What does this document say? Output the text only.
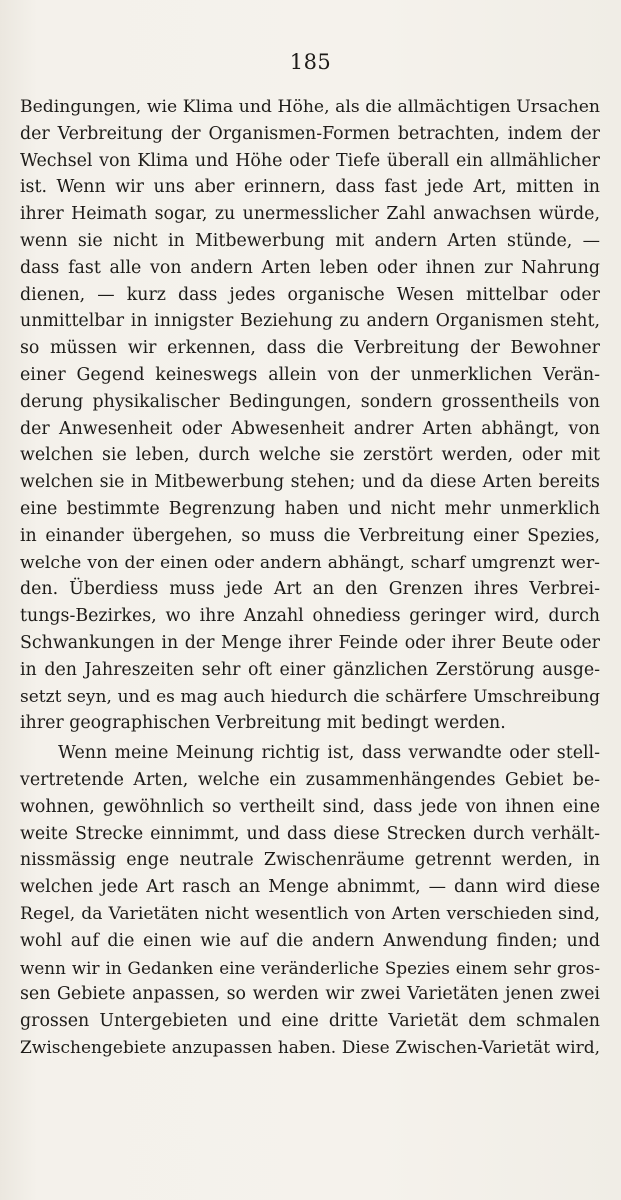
185
Bedingungen, wie Klima und Höhe, als die allmächtigen Ursachen
der Verbreitung der Organismen-Formen betrachten, indem der
Wechsel von Klima und Höhe oder Tiefe überall ein allmählicher
ist. Wenn wir uns aber erinnern, dass fast jede Art, mitten in
ihrer Heimath sogar, zu unermesslicher Zahl anwachsen würde,
wenn sie nicht in Mitbewerbung mit andern Arten stünde, —
dass fast alle von andern Arten leben oder ihnen zur Nahrung
dienen, — kurz dass jedes organische Wesen mittelbar oder
unmittelbar in innigster Beziehung zu andern Organismen steht,
so müssen wir erkennen, dass die Verbreitung der Bewohner
einer Gegend keineswegs allein von der unmerklichen Verän-
derung physikalischer Bedingungen, sondern grossentheils von
der Anwesenheit oder Abwesenheit andrer Arten abhängt, von
welchen sie leben, durch welche sie zerstört werden, oder mit
welchen sie in Mitbewerbung stehen; und da diese Arten bereits
eine bestimmte Begrenzung haben und nicht mehr unmerklich
in einander übergehen, so muss die Verbreitung einer Spezies,
welche von der einen oder andern abhängt, scharf umgrenzt wer-
den. Überdiess muss jede Art an den Grenzen ihres Verbrei-
tungs-Bezirkes, wo ihre Anzahl ohnediess geringer wird, durch
Schwankungen in der Menge ihrer Feinde oder ihrer Beute oder
in den Jahreszeiten sehr oft einer gänzlichen Zerstörung ausge-
setzt seyn, und es mag auch hiedurch die schärfere Umschreibung
ihrer geographischen Verbreitung mit bedingt werden.
Wenn meine Meinung richtig ist, dass verwandte oder stell-
vertretende Arten, welche ein zusammenhängendes Gebiet be-
wohnen, gewöhnlich so vertheilt sind, dass jede von ihnen eine
weite Strecke einnimmt, und dass diese Strecken durch verhält-
nissmässig enge neutrale Zwischenräume getrennt werden, in
welchen jede Art rasch an Menge abnimmt, — dann wird diese
Regel, da Varietäten nicht wesentlich von Arten verschieden sind,
wohl auf die einen wie auf die andern Anwendung finden; und
wenn wir in Gedanken eine veränderliche Spezies einem sehr gros-
sen Gebiete anpassen, so werden wir zwei Varietäten jenen zwei
grossen Untergebieten und eine dritte Varietät dem schmalen
Zwischengebiete anzupassen haben. Diese Zwischen-Varietät wird,
